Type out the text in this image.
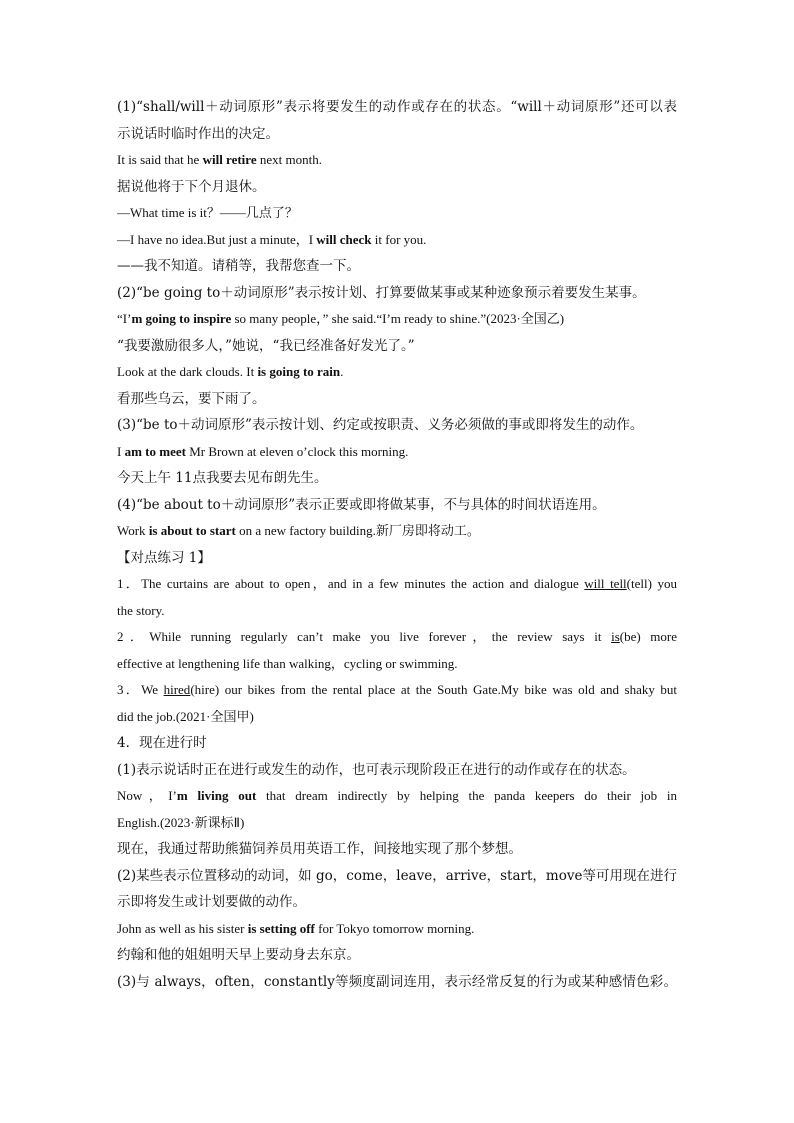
(1)“shall/will＋动词原形”表示将要发生的动作或存在的状态。“will＋动词原形”还可以表
示说话时临时作出的决定。
It is said that he will retire next month.
据说他将于下个月退休。
—What time is it？——几点了？
—I have no idea.But just a minute，I will check it for you.
——我不知道。请稍等，我帮您查一下。
(2)“be going to＋动词原形”表示按计划、打算要做某事或某种迹象预示着要发生某事。
“I’m going to inspire so many people，” she said.“I’m ready to shine.”(2023·全国乙)
“我要激励很多人，”她说，“我已经准备好发光了。”
Look at the dark clouds. It is going to rain.
看那些乌云，要下雨了。
(3)“be to＋动词原形”表示按计划、约定或按职责、义务必须做的事或即将发生的动作。
I am to meet Mr Brown at eleven o’clock this morning.
今天上午 11点我要去见布朗先生。
(4)“be about to＋动词原形”表示正要或即将做某事，不与具体的时间状语连用。
Work is about to start on a new factory building.新厂房即将动工。
【对点练习 1】
1．The curtains are about to open，and in a few minutes the action and dialogue will tell(tell) you
the story.
2．While running regularly can’t make you live forever，the review says it is(be) more
effective at lengthening life than walking，cycling or swimming.
3．We hired(hire) our bikes from the rental place at the South Gate.My bike was old and shaky but
did the job.(2021·全国甲)
4．现在进行时
(1)表示说话时正在进行或发生的动作，也可表示现阶段正在进行的动作或存在的状态。
Now，I’m living out that dream indirectly by helping the panda keepers do their job in
English.(2023·新课标Ⅱ)
现在，我通过帮助熊猫饲养员用英语工作，间接地实现了那个梦想。
(2)某些表示位置移动的动词，如 go，come，leave，arrive，start，move等可用现在进行
示即将发生或计划要做的动作。
John as well as his sister is setting off for Tokyo tomorrow morning.
约翰和他的姐姐明天早上要动身去东京。
(3)与 always，often，constantly等频度副词连用，表示经常反复的行为或某种感情色彩。
